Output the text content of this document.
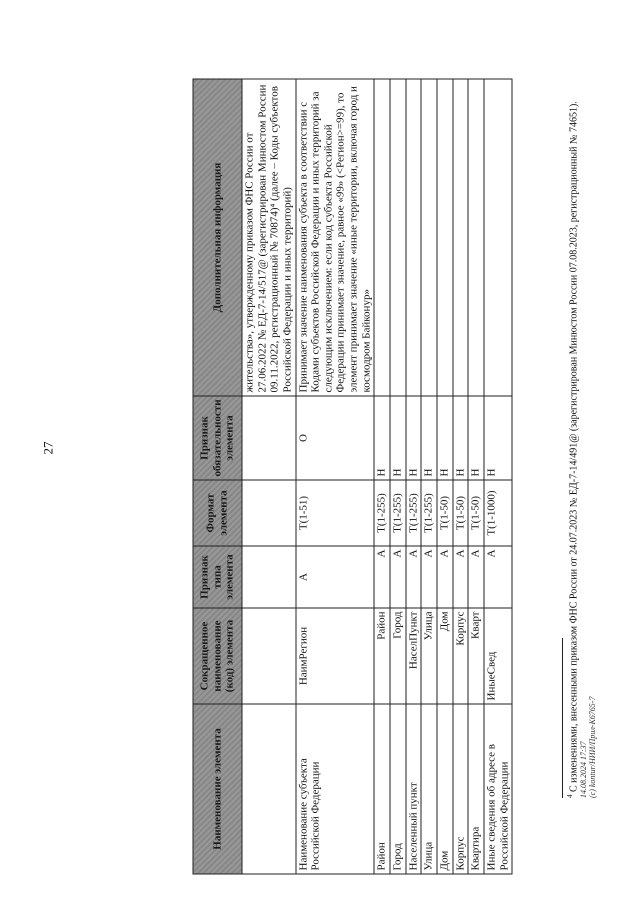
27
Наименование элемента	Сокращенное наименование (код) элемента	Признак типа элемента	Формат элемента	Признак обязательности элемента	Дополнительная информация
					жительства», утвержденному приказом ФНС России от 27.06.2022 № ЕД-7-14/517@ (зарегистрирован Минюстом России 09.11.2022, регистрационный № 70874)⁴ (далее – Коды субъектов Российской Федерации и иных территорий)
Наименование субъекта Российской Федерации	НаимРегион	А	T(1-51)	О	Принимает значение наименования субъекта в соответствии с Кодами субъектов Российской Федерации и иных территорий за следующим исключением: если код субъекта Российской Федерации принимает значение, равное «99» (<Регион>=99), то элемент принимает значение «иные территории, включая город и космодром Байконур»
Район	Район	А	T(1-255)	Н	
Город	Город	А	T(1-255)	Н	
Населенный пункт	НаселПункт	А	T(1-255)	Н	
Улица	Улица	А	T(1-255)	Н	
Дом	Дом	А	T(1-50)	Н	
Корпус	Корпус	А	T(1-50)	Н	
Квартира	Кварт	А	T(1-50)	Н	
Иные сведения об адресе в Российской Федерации	ИныеСвед	А	T(1-1000)	Н	
$^4$ С изменениями, внесенными приказом ФНС России от 24.07.2023 № ЕД-7-14/491@ (зарегистрирован Минюстом России 07.08.2023, регистрационный № 74651). 14.08.2024 17:37 (c) kontur/НИИ/Прил-К6765-7
